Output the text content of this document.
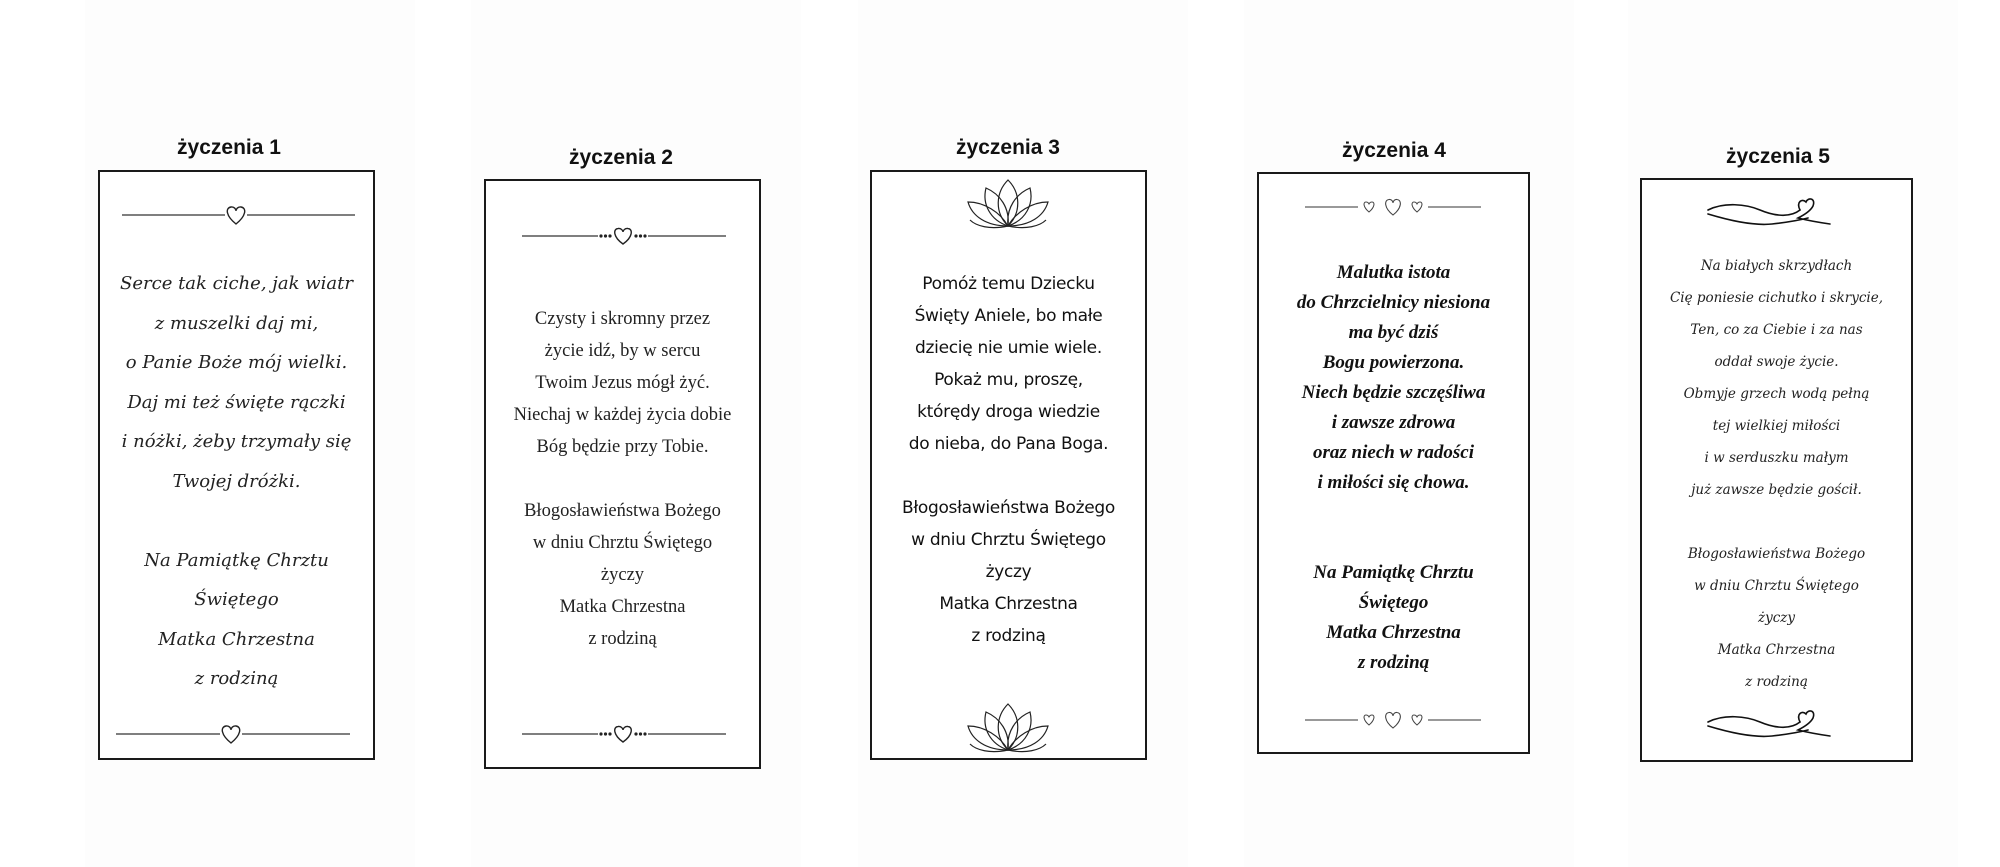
życzenia 1
Serce tak ciche, jak wiatr
z muszelki daj mi,
o Panie Boże mój wielki.
Daj mi też święte rączki
i nóżki, żeby trzymały się
Twojej dróżki.
Na Pamiątkę Chrztu
Świętego
Matka Chrzestna
z rodziną
życzenia 2
Czysty i skromny przez
życie idź, by w sercu
Twoim Jezus mógł żyć.
Niechaj w każdej życia dobie
Bóg będzie przy Tobie.
Błogosławieństwa Bożego
w dniu Chrztu Świętego
życzy
Matka Chrzestna
z rodziną
życzenia 3
Pomóż temu Dziecku
Święty Aniele, bo małe
dziecię nie umie wiele.
Pokaż mu, proszę,
którędy droga wiedzie
do nieba, do Pana Boga.
Błogosławieństwa Bożego
w dniu Chrztu Świętego
życzy
Matka Chrzestna
z rodziną
życzenia 4
Malutka istota
do Chrzcielnicy niesiona
ma być dziś
Bogu powierzona.
Niech będzie szczęśliwa
i zawsze zdrowa
oraz niech w radości
i miłości się chowa.
Na Pamiątkę Chrztu
Świętego
Matka Chrzestna
z rodziną
życzenia 5
Na białych skrzydłach
Cię poniesie cichutko i skrycie,
Ten, co za Ciebie i za nas
oddał swoje życie.
Obmyje grzech wodą pełną
tej wielkiej miłości
i w serduszku małym
już zawsze będzie gościł.
Błogosławieństwa Bożego
w dniu Chrztu Świętego
życzy
Matka Chrzestna
z rodziną
